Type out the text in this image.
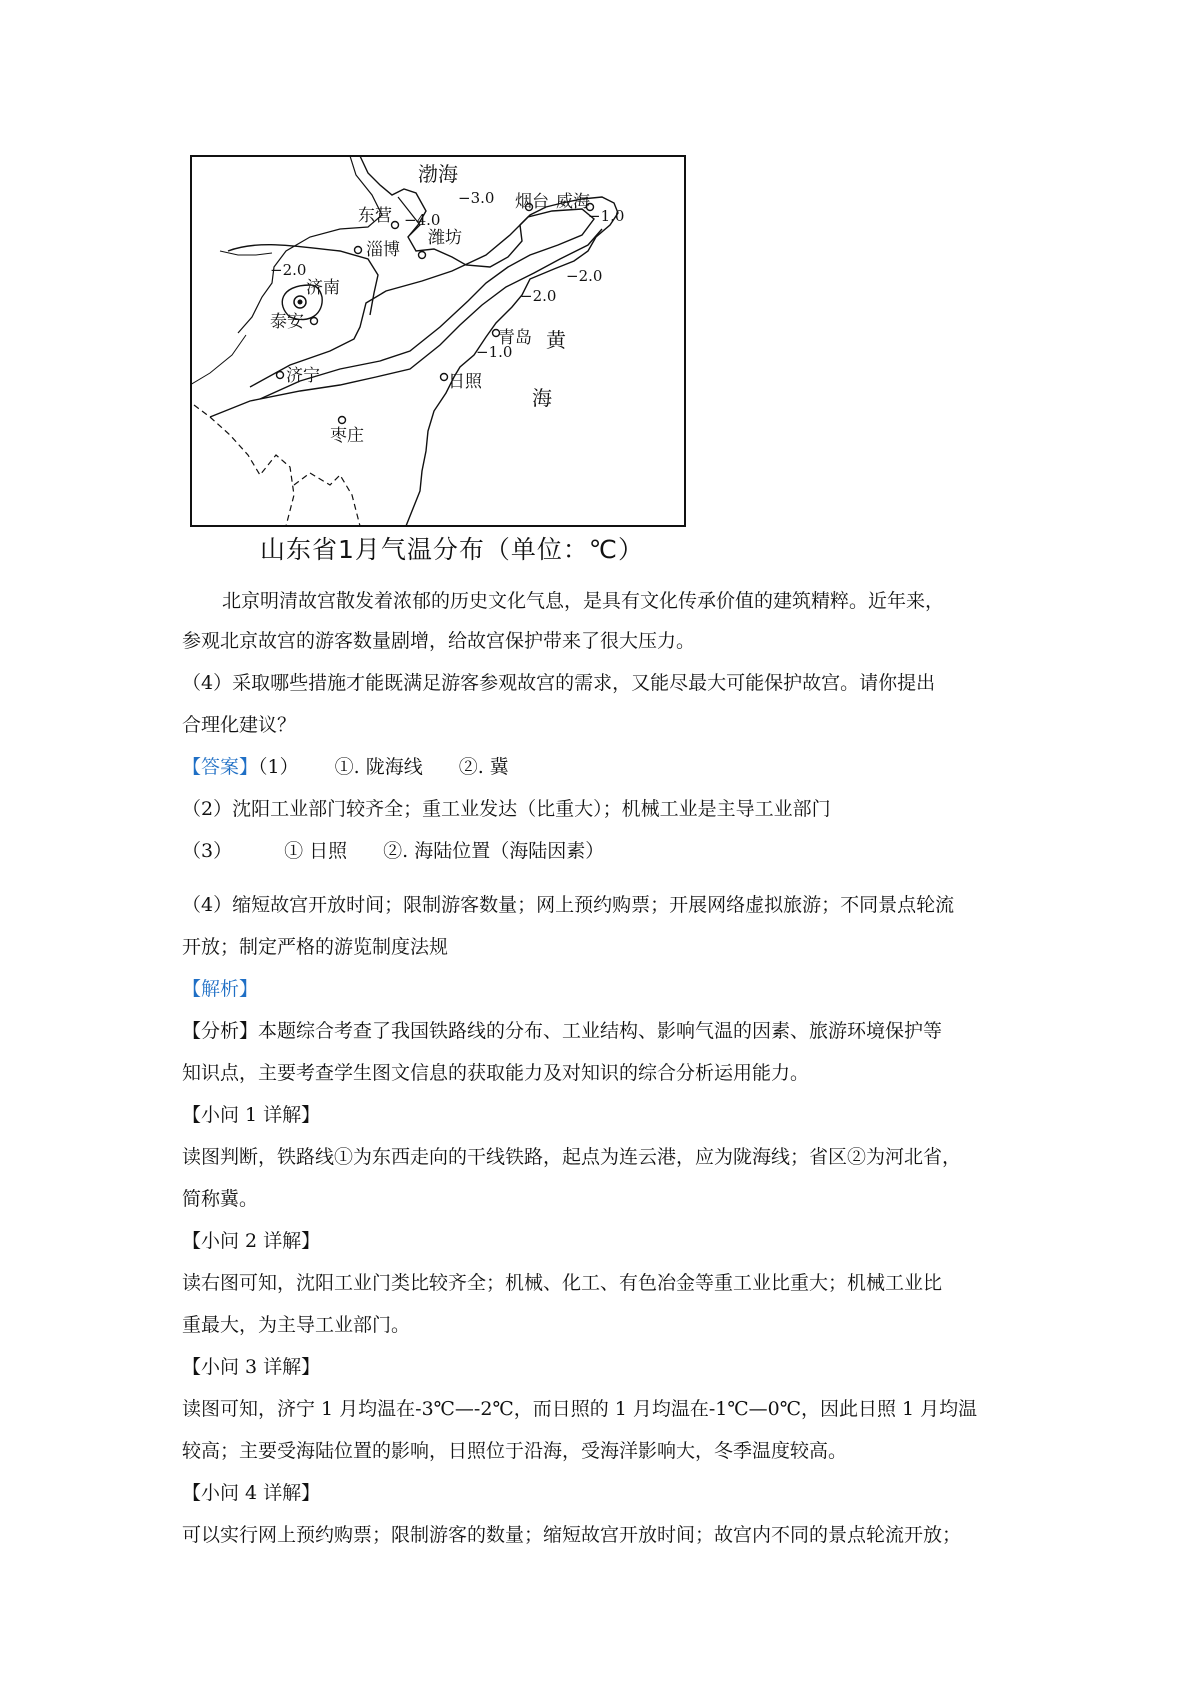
渤海
黄
海
东营
烟台 威海
淄博
潍坊
济南
泰安
青岛
济宁	日照
枣庄
−3.0
−4.0	−1.0
−2.0	−2.0
−2.0
−1.0
山东省1月气温分布（单位：℃）
北京明清故宫散发着浓郁的历史文化气息，是具有文化传承价值的建筑精粹。近年来，
参观北京故宫的游客数量剧增，给故宫保护带来了很大压力。
（4）采取哪些措施才能既满足游客参观故宫的需求，又能尽最大可能保护故宫。请你提出
合理化建议？
【答案】（1） ①. 陇海线 ②. 冀
（2）沈阳工业部门较齐全；重工业发达（比重大）；机械工业是主导工业部门
（3）	① 日照 ②. 海陆位置（海陆因素）
（4）缩短故宫开放时间；限制游客数量；网上预约购票；开展网络虚拟旅游；不同景点轮流
开放；制定严格的游览制度法规
【解析】
【分析】本题综合考查了我国铁路线的分布、工业结构、影响气温的因素、旅游环境保护等
知识点，主要考查学生图文信息的获取能力及对知识的综合分析运用能力。
【小问 1 详解】
读图判断，铁路线①为东西走向的干线铁路，起点为连云港，应为陇海线；省区②为河北省，
简称冀。
【小问 2 详解】
读右图可知，沈阳工业门类比较齐全；机械、化工、有色冶金等重工业比重大；机械工业比
重最大，为主导工业部门。
【小问 3 详解】
读图可知，济宁 1 月均温在-3℃—-2℃，而日照的 1 月均温在-1℃—0℃，因此日照 1 月均温
较高；主要受海陆位置的影响，日照位于沿海，受海洋影响大，冬季温度较高。
【小问 4 详解】
可以实行网上预约购票；限制游客的数量；缩短故宫开放时间；故宫内不同的景点轮流开放；
